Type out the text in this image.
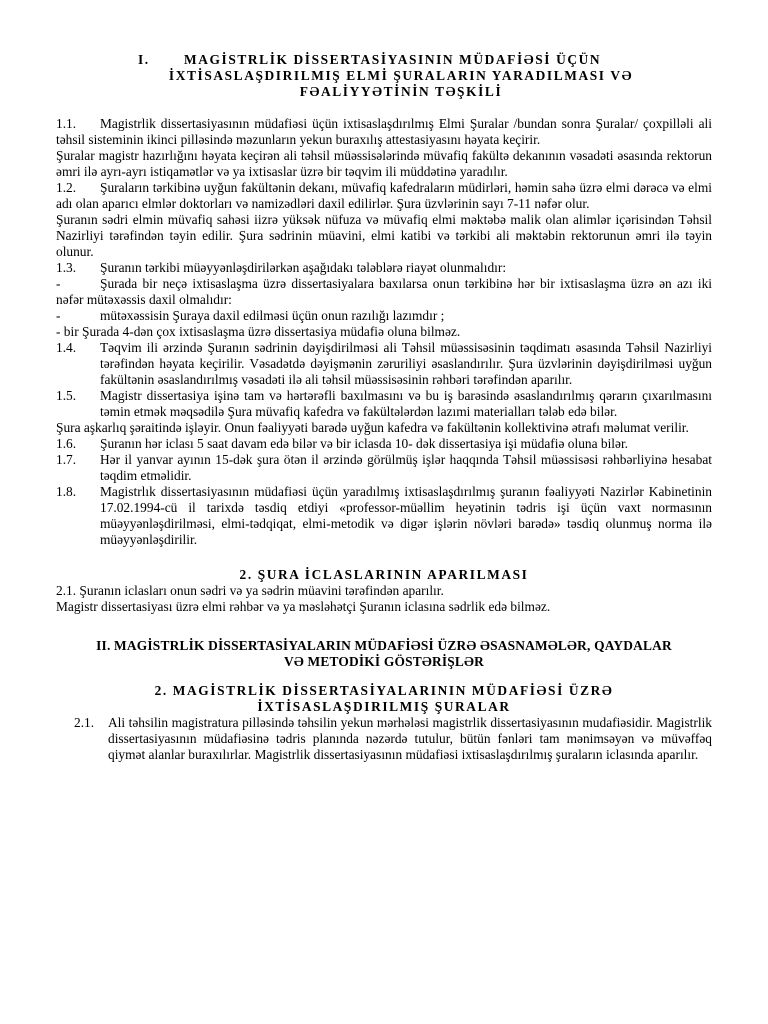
I.	MAGİSTRLİK DİSSERTASİYASININ MÜDAFİƏSİ ÜÇÜN
İXTİSASLAŞDIRILMIŞ ELMİ ŞURALARIN YARADILMASI VƏ
FƏALİYYƏTİNİN TƏŞKİLİ

1.1. Magistrlik dissertasiyasının müdafiəsi üçün ixtisaslaşdırılmış Elmi Şuralar /bundan sonra Şuralar/ çoxpilləli ali təhsil sisteminin ikinci pilləsində məzunların yekun buraxılış attestasiyasını həyata keçirir.

Şuralar magistr hazırlığını həyata keçirən ali təhsil müəssisələrində müvafiq fakültə dekanının vəsadəti əsasında rektorun əmri ilə ayrı-ayrı istiqamətlər və ya ixtisaslar üzrə bir təqvim ili müddətinə yaradılır.

1.2. Şuraların tərkibinə uyğun fakültənin dekanı, müvafiq kafedraların müdirləri, həmin sahə üzrə elmi dərəcə və elmi adı olan aparıcı elmlər doktorları və namizədləri daxil edilirlər. Şura üzvlərinin sayı 7-11 nəfər olur.

Şuranın sədri elmin müvafiq sahəsi iizrə yüksək nüfuza və müvafiq elmi məktəbə malik olan alimlər içərisindən Təhsil Nazirliyi tərəfindən təyin edilir. Şura sədrinin müavini, elmi katibi və tərkibi ali məktəbin rektorunun əmri ilə təyin olunur.

1.3. Şuranın tərkibi müəyyənləşdirilərkən aşağıdakı tələblərə riayət olunmalıdır:

-	Şurada bir neçə ixtisaslaşma üzrə dissertasiyalara baxılarsa onun tərkibinə hər bir ixtisaslaşma üzrə ən azı iki nəfər mütəxəssis daxil olmalıdır:

-	mütəxəssisin Şuraya daxil edilməsi üçün onun razılığı lazımdır ;

- bir Şurada 4-dən çox ixtisaslaşma üzrə dissertasiya müdafiə oluna bilməz.

1.4.	Təqvim ili ərzində Şuranın sədrinin dəyişdirilməsi ali Təhsil müəssisəsinin təqdimatı əsasında Təhsil Nazirliyi tərəfindən həyata keçirilir. Vəsadətdə dəyişmənin zəruriliyi əsaslandırılır. Şura üzvlərinin dəyişdirilməsi uyğun fakültənin əsaslandırılmış vəsadəti ilə ali təhsil müəssisəsinin rəhbəri tərəfindən aparılır.
1.5.	Magistr dissertasiya işinə tam və hərtərəfli baxılmasını və bu iş barəsində əsaslandırılmış qərarın çıxarılmasını təmin etmək məqsədilə Şura müvafiq kafedra və fakültələrdən lazımi materialları tələb edə bilər.

Şura aşkarlıq şəraitində işləyir. Onun fəaliyyəti barədə uyğun kafedra və fakültənin kollektivinə ətrafı məlumat verilir.

1.6.	Şuranın hər iclası 5 saat davam edə bilər və bir iclasda 10- dək dissertasiya işi müdafiə oluna bilər.
1.7.	Hər il yanvar ayının 15-dək şura ötən il ərzində görülmüş işlər haqqında Təhsil müəssisəsi rəhbərliyinə hesabat təqdim etməlidir.
1.8.	Magistrlık dissertasiyasının müdafiəsi üçün yaradılmış ixtisaslaşdırılmış şuranın fəaliyyəti Nazirlər Kabinetinin 17.02.1994-cü il tarixdə təsdiq etdiyi «professor-müəllim heyətinin tədris işi üçün vaxt normasının müəyyənləşdirilməsi, elmi-tədqiqat, elmi-metodik və digər işlərin növləri barədə» təsdiq olunmuş norma ilə müəyyənləşdirilir.
2. ŞURA İCLASLARININ APARILMASI

2.1. Şuranın iclasları onun sədri və ya sədrin müavini tərəfindən aparılır.

Magistr dissertasiyası üzrə elmi rəhbər və ya məsləhətçi Şuranın iclasına sədrlik edə bilməz.

II. MAGİSTRLİK DİSSERTASİYALARIN MÜDAFİƏSİ ÜZRƏ ƏSASNAMƏLƏR, QAYDALAR
VƏ METODİKİ GÖSTƏRİŞLƏR
2. MAGİSTRLİK DİSSERTASİYALARININ MÜDAFİƏSİ ÜZRƏ
İXTİSASLAŞDIRILMIŞ ŞURALAR
2.1.	Ali təhsilin magistratura pilləsində təhsilin yekun mərhələsi magistrlik dissertasiyasının mudafiəsidir. Magistrlik dissertasiyasının müdafiəsinə tədris planında nəzərdə tutulur, bütün fənləri tam mənimsəyən və müvəffəq qiymət alanlar buraxılırlar. Magistrlik dissertasiyasının müdafiəsi ixtisaslaşdırılmış şuraların iclasında aparılır.
